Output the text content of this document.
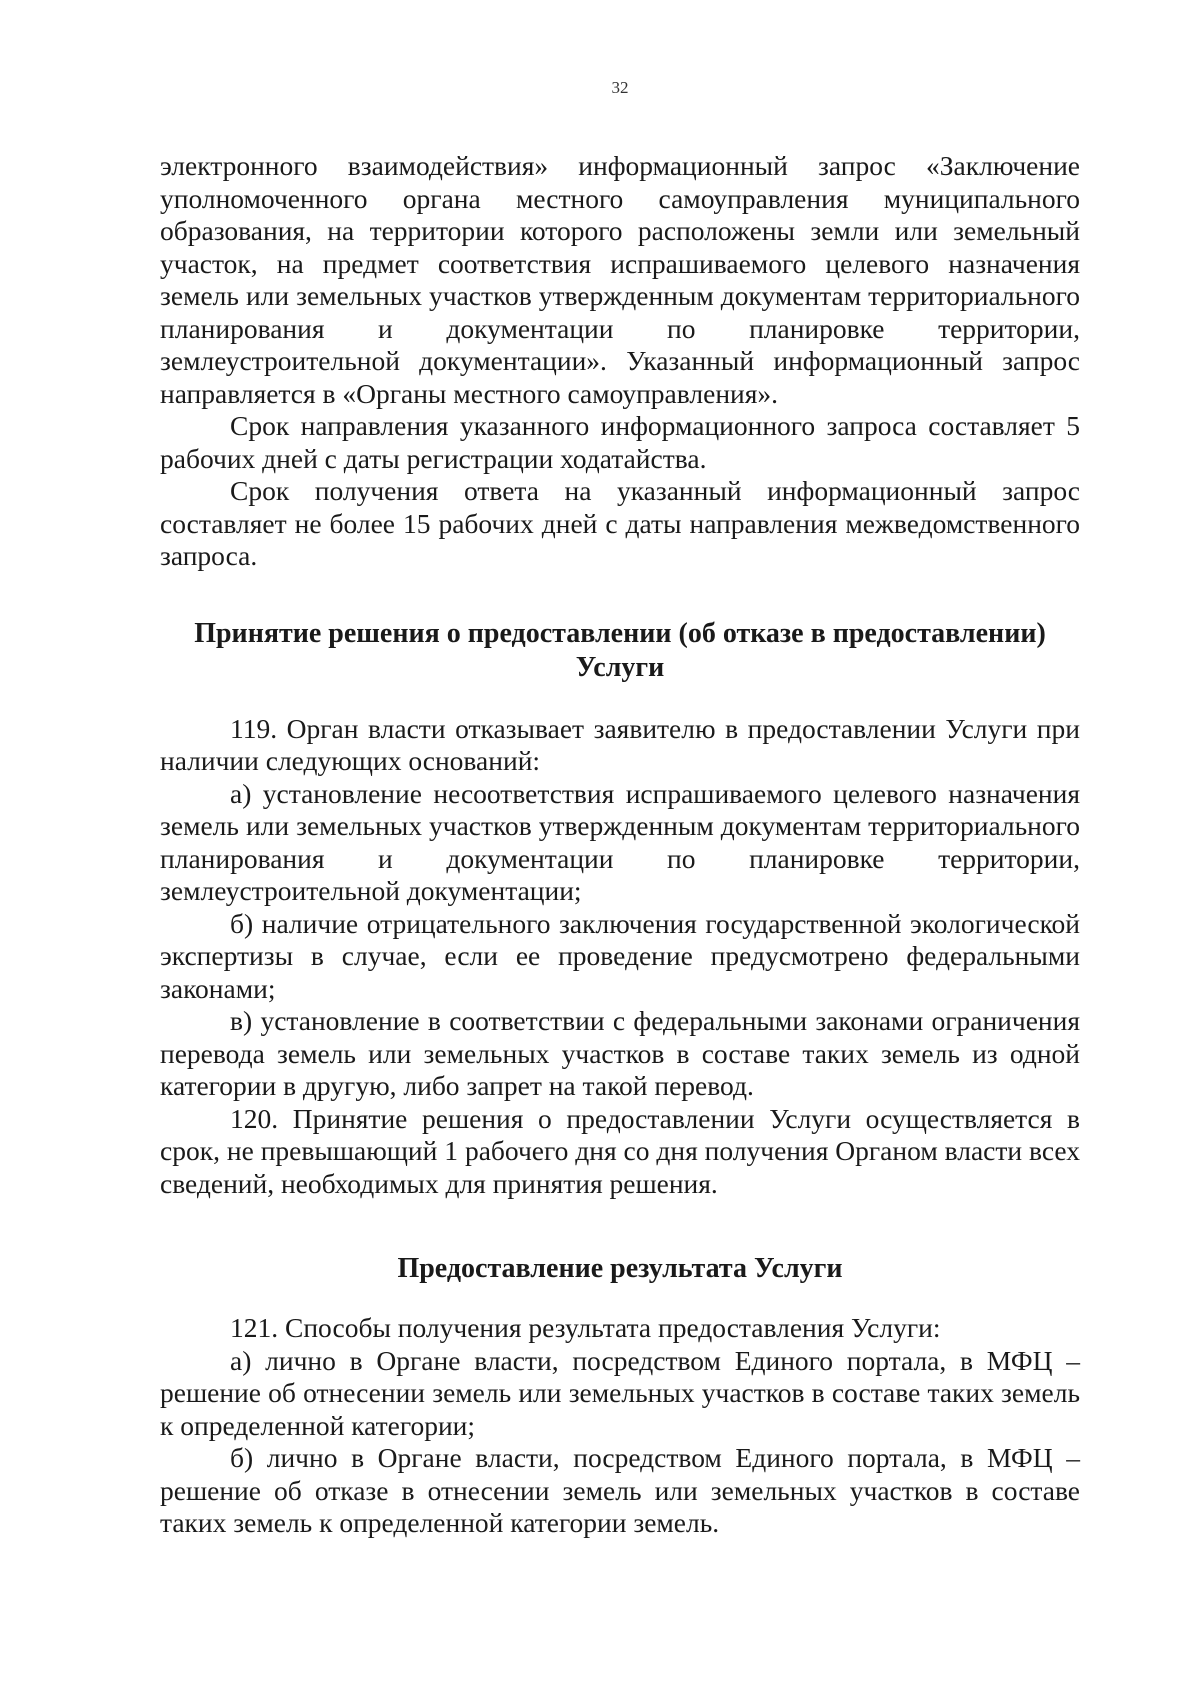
32

электронного взаимодействия» информационный запрос «Заключение уполномоченного органа местного самоуправления муниципального образования, на территории которого расположены земли или земельный участок, на предмет соответствия испрашиваемого целевого назначения земель или земельных участков утвержденным документам территориального планирования и документации по планировке территории, землеустроительной документации». Указанный информационный запрос направляется в «Органы местного самоуправления».

Срок направления указанного информационного запроса составляет 5 рабочих дней с даты регистрации ходатайства.

Срок получения ответа на указанный информационный запрос составляет не более 15 рабочих дней с даты направления межведомственного запроса.

Принятие решения о предоставлении (об отказе в предоставлении)
Услуги

119. Орган власти отказывает заявителю в предоставлении Услуги при наличии следующих оснований:

а) установление несоответствия испрашиваемого целевого назначения земель или земельных участков утвержденным документам территориального планирования и документации по планировке территории, землеустроительной документации;

б) наличие отрицательного заключения государственной экологической экспертизы в случае, если ее проведение предусмотрено федеральными законами;

в) установление в соответствии с федеральными законами ограничения перевода земель или земельных участков в составе таких земель из одной категории в другую, либо запрет на такой перевод.

120. Принятие решения о предоставлении Услуги осуществляется в срок, не превышающий 1 рабочего дня со дня получения Органом власти всех сведений, необходимых для принятия решения.

Предоставление результата Услуги

121. Способы получения результата предоставления Услуги:

а) лично в Органе власти, посредством Единого портала, в МФЦ – решение об отнесении земель или земельных участков в составе таких земель к определенной категории;

б) лично в Органе власти, посредством Единого портала, в МФЦ – решение об отказе в отнесении земель или земельных участков в составе таких земель к определенной категории земель.
